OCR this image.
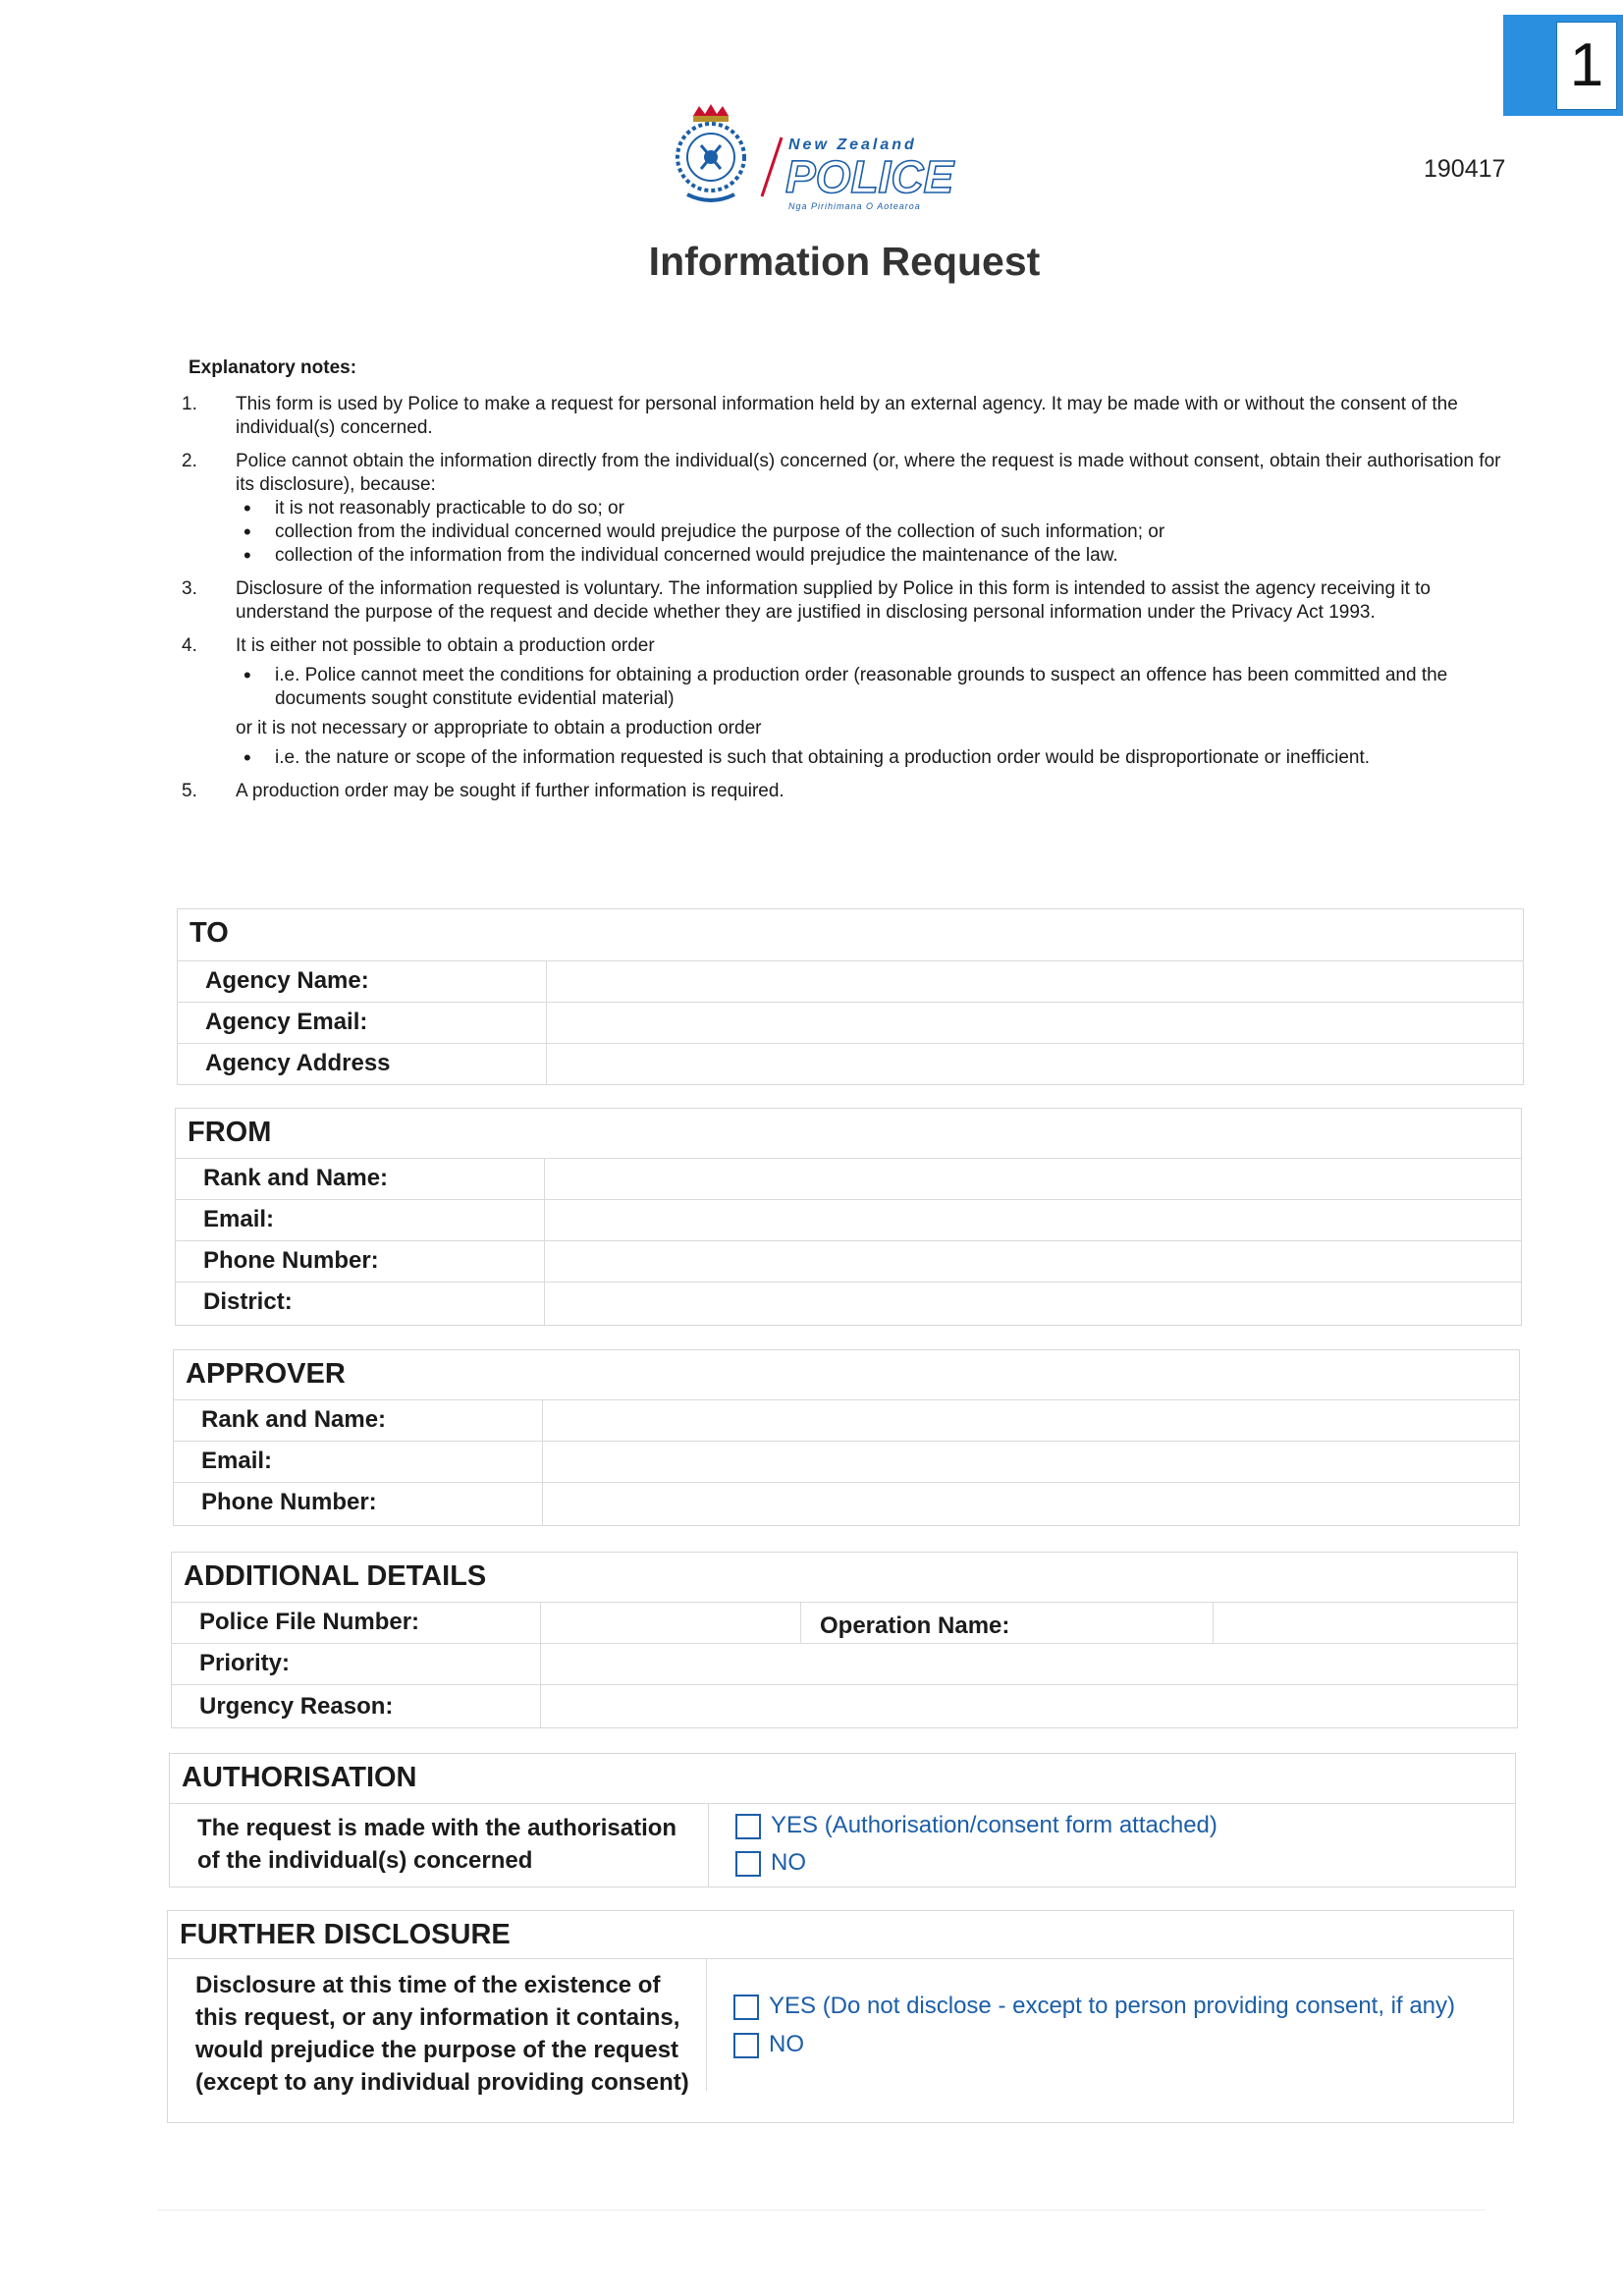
1
190417
New Zealand
POLICE
Nga Pirihimana O Aotearoa
Information Request
Explanatory notes:
1. This form is used by Police to make a request for personal information held by an external agency. It may be made with or without the consent of the individual(s) concerned.
2. Police cannot obtain the information directly from the individual(s) concerned (or, where the request is made without consent, obtain their authorisation for its disclosure), because:
• it is not reasonably practicable to do so; or
• collection from the individual concerned would prejudice the purpose of the collection of such information; or
• collection of the information from the individual concerned would prejudice the maintenance of the law.
3. Disclosure of the information requested is voluntary. The information supplied by Police in this form is intended to assist the agency receiving it to understand the purpose of the request and decide whether they are justified in disclosing personal information under the Privacy Act 1993.
4. It is either not possible to obtain a production order
• i.e. Police cannot meet the conditions for obtaining a production order (reasonable grounds to suspect an offence has been committed and the documents sought constitute evidential material)
or it is not necessary or appropriate to obtain a production order
• i.e. the nature or scope of the information requested is such that obtaining a production order would be disproportionate or inefficient.
5. A production order may be sought if further information is required.
TO
Agency Name:
Agency Email:
Agency Address
FROM
Rank and Name:
Email:
Phone Number:
District:
APPROVER
Rank and Name:
Email:
Phone Number:
ADDITIONAL DETAILS
Police File Number:	Operation Name:
Priority:
Urgency Reason:
AUTHORISATION
The request is made with the authorisation
of the individual(s) concerned
YES (Authorisation/consent form attached)
NO
FURTHER DISCLOSURE
Disclosure at this time of the existence of
this request, or any information it contains,
would prejudice the purpose of the request
(except to any individual providing consent)
YES (Do not disclose - except to person providing consent, if any)
NO
